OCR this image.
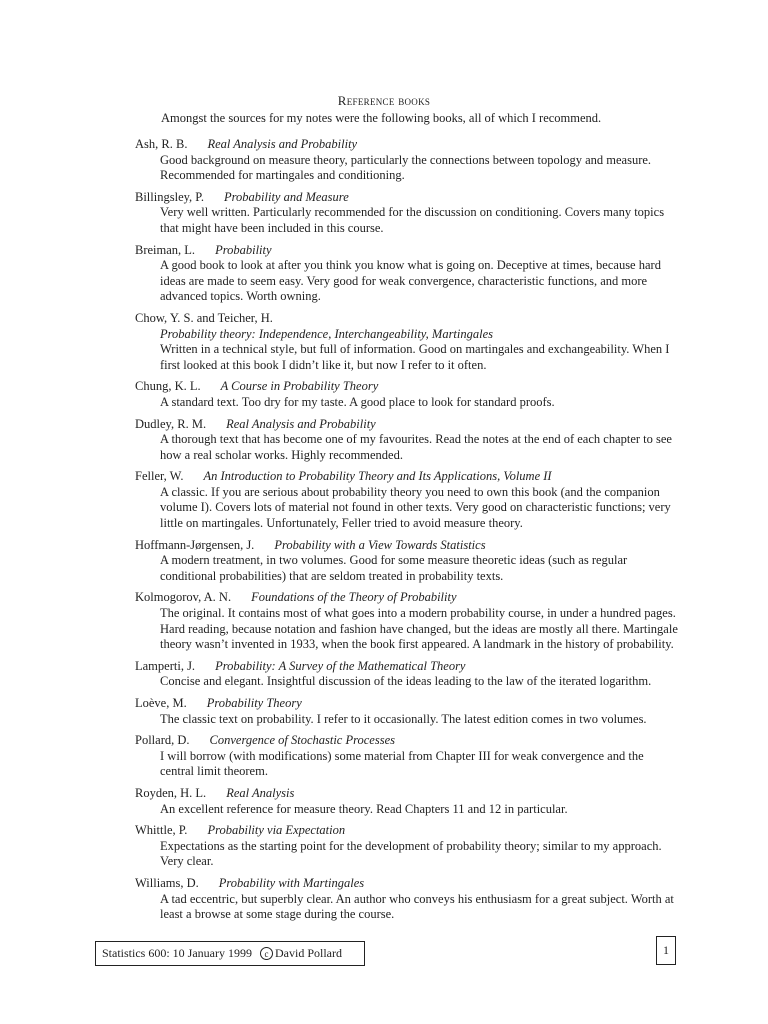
Reference books
Amongst the sources for my notes were the following books, all of which I recommend.
Ash, R. B. Real Analysis and Probability
Good background on measure theory, particularly the connections between topology and measure. Recommended for martingales and conditioning.
Billingsley, P. Probability and Measure
Very well written. Particularly recommended for the discussion on conditioning. Covers many topics that might have been included in this course.
Breiman, L. Probability
A good book to look at after you think you know what is going on. Deceptive at times, because hard ideas are made to seem easy. Very good for weak convergence, characteristic functions, and more advanced topics. Worth owning.
Chow, Y. S. and Teicher, H.
Probability theory: Independence, Interchangeability, Martingales
Written in a technical style, but full of information. Good on martingales and exchangeability. When I first looked at this book I didn’t like it, but now I refer to it often.
Chung, K. L. A Course in Probability Theory
A standard text. Too dry for my taste. A good place to look for standard proofs.
Dudley, R. M. Real Analysis and Probability
A thorough text that has become one of my favourites. Read the notes at the end of each chapter to see how a real scholar works. Highly recommended.
Feller, W. An Introduction to Probability Theory and Its Applications, Volume II
A classic. If you are serious about probability theory you need to own this book (and the companion volume I). Covers lots of material not found in other texts. Very good on characteristic functions; very little on martingales. Unfortunately, Feller tried to avoid measure theory.
Hoffmann-Jørgensen, J. Probability with a View Towards Statistics
A modern treatment, in two volumes. Good for some measure theoretic ideas (such as regular conditional probabilities) that are seldom treated in probability texts.
Kolmogorov, A. N. Foundations of the Theory of Probability
The original. It contains most of what goes into a modern probability course, in under a hundred pages. Hard reading, because notation and fashion have changed, but the ideas are mostly all there. Martingale theory wasn’t invented in 1933, when the book first appeared. A landmark in the history of probability.
Lamperti, J. Probability: A Survey of the Mathematical Theory
Concise and elegant. Insightful discussion of the ideas leading to the law of the iterated logarithm.
Loève, M. Probability Theory
The classic text on probability. I refer to it occasionally. The latest edition comes in two volumes.
Pollard, D. Convergence of Stochastic Processes
I will borrow (with modifications) some material from Chapter III for weak convergence and the central limit theorem.
Royden, H. L. Real Analysis
An excellent reference for measure theory. Read Chapters 11 and 12 in particular.
Whittle, P. Probability via Expectation
Expectations as the starting point for the development of probability theory; similar to my approach. Very clear.
Williams, D. Probability with Martingales
A tad eccentric, but superbly clear. An author who conveys his enthusiasm for a great subject. Worth at least a browse at some stage during the course.
Statistics 600: 10 January 1999	c David Pollard	1
